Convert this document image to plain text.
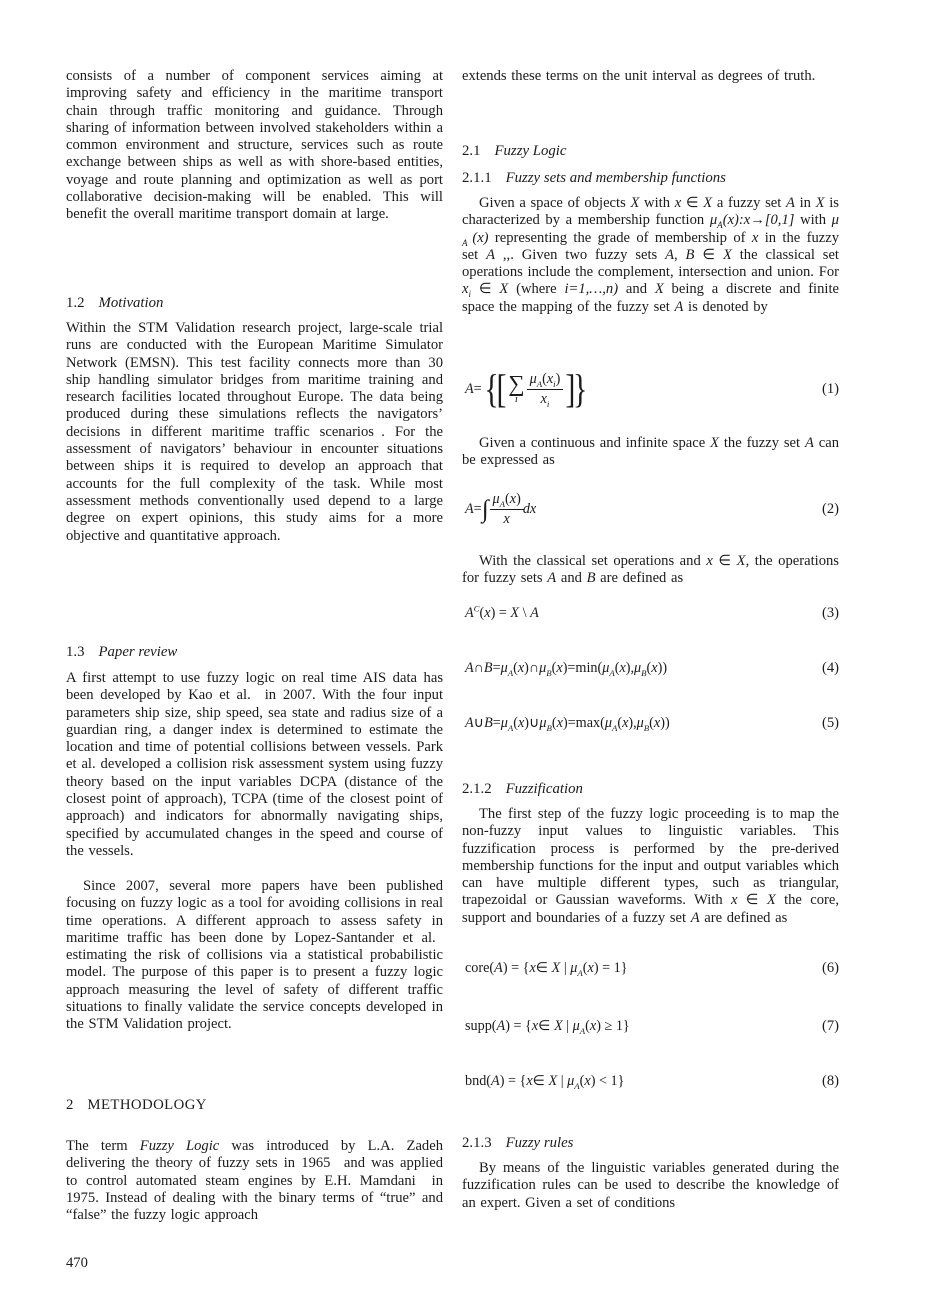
consists of a number of component services aiming at improving safety and efficiency in the maritime transport chain through traffic monitoring and guidance. Through sharing of information between involved stakeholders within a common environment and structure, services such as route exchange between ships as well as with shore-based entities, voyage and route planning and optimization as well as port collaborative decision-making will be enabled. This will benefit the overall maritime transport domain at large.

1.2 Motivation

Within the STM Validation research project, large-scale trial runs are conducted with the European Maritime Simulator Network (EMSN). This test facility connects more than 30 ship handling simulator bridges from maritime training and research facilities located throughout Europe. The data being produced during these simulations reflects the navigators’ decisions in different maritime traffic scenarios . For the assessment of navigators’ behaviour in encounter situations between ships it is required to develop an approach that accounts for the full complexity of the task. While most assessment methods conventionally used depend to a large degree on expert opinions, this study aims for a more objective and quantitative approach.

1.3 Paper review

A first attempt to use fuzzy logic on real time AIS data has been developed by Kao et al.  in 2007. With the four input parameters ship size, ship speed, sea state and radius size of a guardian ring, a danger index is determined to estimate the location and time of potential collisions between vessels. Park et al. developed a collision risk assessment system using fuzzy theory based on the input variables DCPA (distance of the closest point of approach), TCPA (time of the closest point of approach) and indicators for abnormally navigating ships, specified by accumulated changes in the speed and course of the vessels.

Since 2007, several more papers have been published focusing on fuzzy logic as a tool for avoiding collisions in real time operations. A different approach to assess safety in maritime traffic has been done by Lopez-Santander et al.  estimating the risk of collisions via a statistical probabilistic model. The purpose of this paper is to present a fuzzy logic approach measuring the level of safety of different traffic situations to finally validate the service concepts developed in the STM Validation project.

2 METHODOLOGY

The term Fuzzy Logic was introduced by L.A. Zadeh delivering the theory of fuzzy sets in 1965  and was applied to control automated steam engines by E.H. Mamdani  in 1975. Instead of dealing with the binary terms of “true” and “false” the fuzzy logic approach

extends these terms on the unit interval as degrees of truth.

2.1 Fuzzy Logic
2.1.1 Fuzzy sets and membership functions

Given a space of objects X with x ∈ X a fuzzy set A in X is characterized by a membership function $\mu_A(x):x\to[0,1]$ with μ $_A$ (x) representing the grade of membership of x in the fuzzy set A ,,. Given two fuzzy sets A, B ∈ X the classical set operations include the complement, intersection and union. For $x_i$ ∈ X (where i=1,…,n) and X being a discrete and finite space the mapping of the fuzzy set A is denoted by

A= {[ ∑
i $\frac{\mu_A(x_i)}{x_i}$ ]}	(1)

Given a continuous and infinite space X the fuzzy set A can be expressed as

A= ∫ $\frac{\mu_A(x)}{x}$ dx	(2)

With the classical set operations and x ∈ X, the operations for fuzzy sets A and B are defined as

$A^C(x) = X$ \ A	(3)
$A\cap B=\mu_A(x)\cap\mu_B(x)=\min(\mu_A(x),\mu_B(x))$	(4)
$A\cup B=\mu_A(x)\cup\mu_B(x)=\max(\mu_A(x),\mu_B(x))$	(5)
2.1.2 Fuzzification

The first step of the fuzzy logic proceeding is to map the non-fuzzy input values to linguistic variables. This fuzzification process is performed by the pre-derived membership functions for the input and output variables which can have multiple different types, such as triangular, trapezoidal or Gaussian waveforms. With x ∈ X the core, support and boundaries of a fuzzy set A are defined as

core(A) = {x∈ X | $\mu_A(x) = 1$}	(6)
supp(A) = {x∈ X | $\mu_A(x) \ge 1$}	(7)
bnd(A) = {x∈ X | $\mu_A(x) < 1$}	(8)
2.1.3 Fuzzy rules

By means of the linguistic variables generated during the fuzzification rules can be used to describe the knowledge of an expert. Given a set of conditions

470
